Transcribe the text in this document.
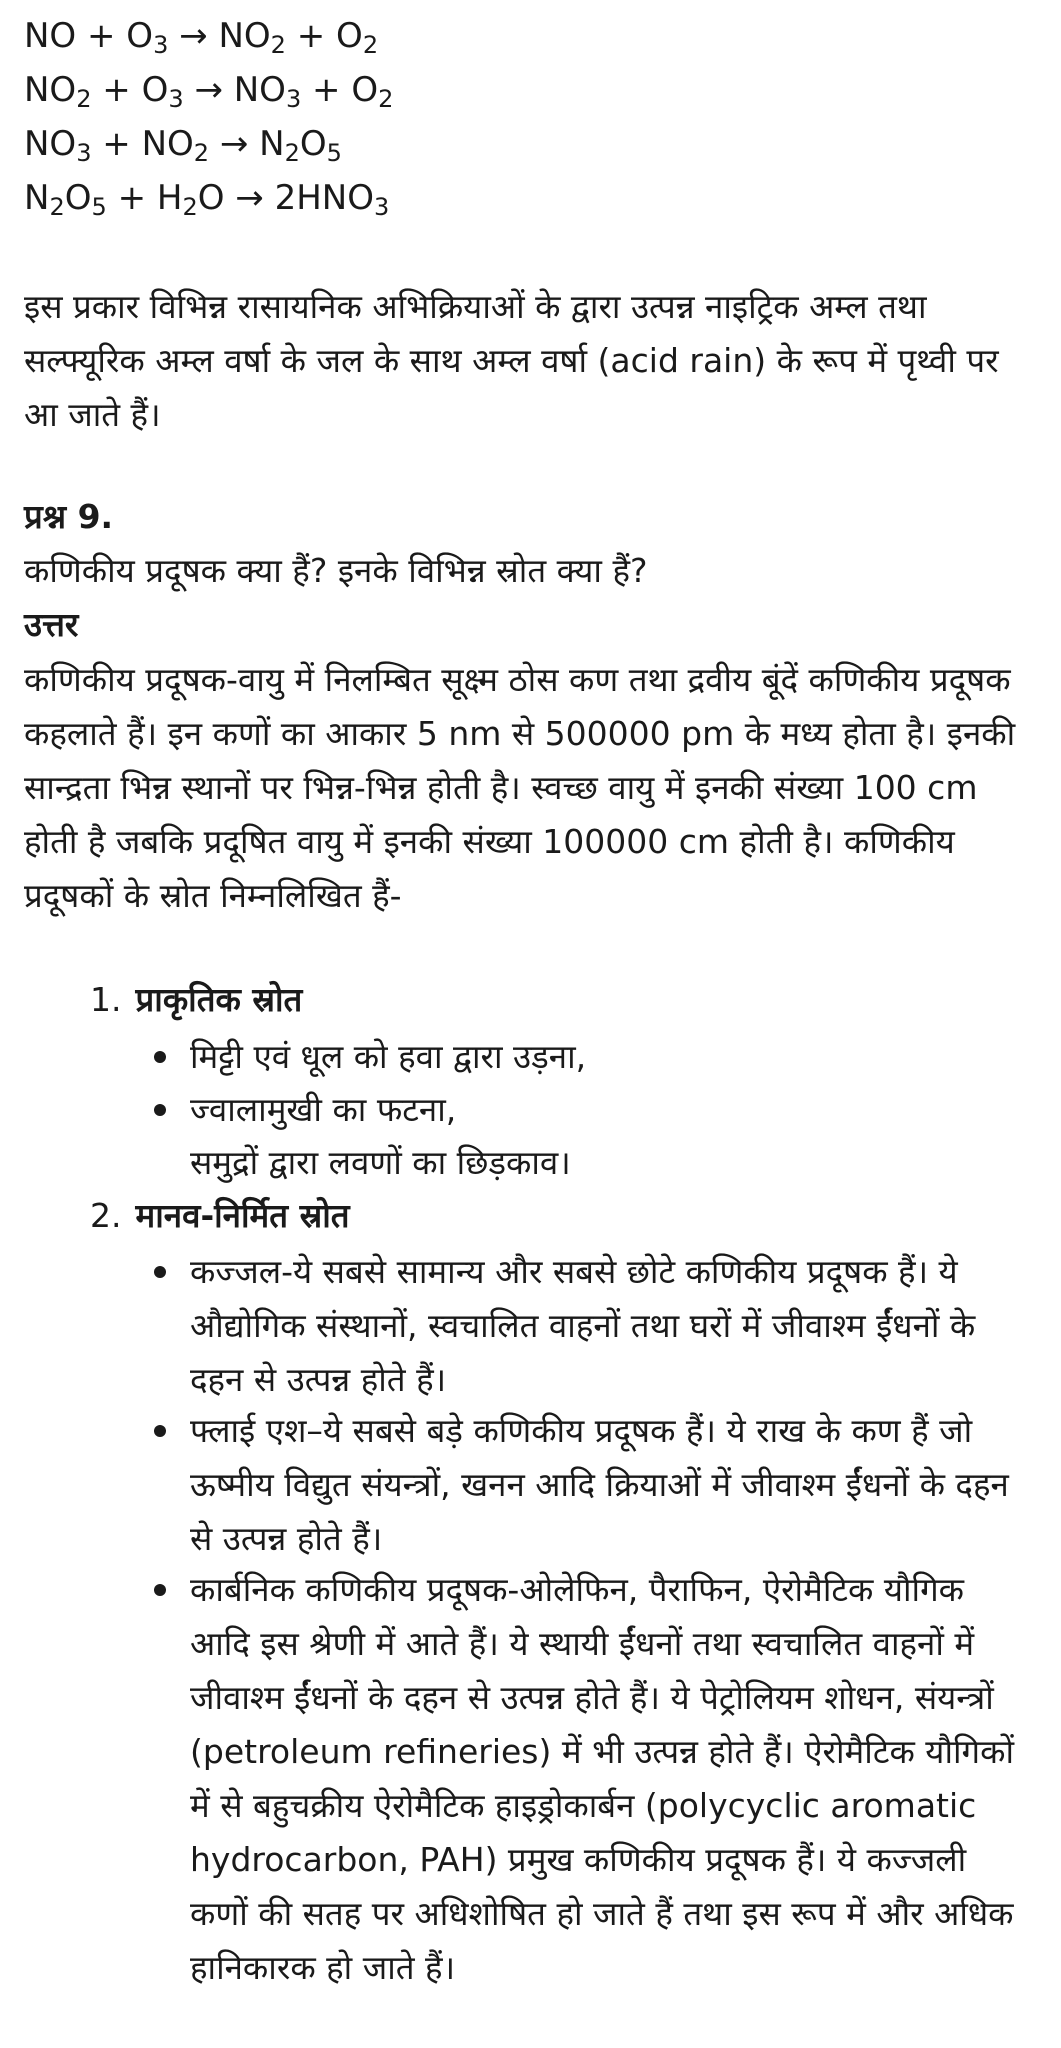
NO + $O_3 \to NO_2 + O_2$
$NO_2 + O_3 \to NO_3 + O_2$
$NO_3 + NO_2 \to N_2O_5$
$N_2O_5 + H_2O \to 2HNO_3$
इस प्रकार विभिन्न रासायनिक अभिक्रियाओं के द्वारा उत्पन्न नाइट्रिक अम्ल तथा सल्फ्यूरिक अम्ल वर्षा के जल के साथ अम्ल वर्षा (acid rain) के रूप में पृथ्वी पर आ जाते हैं।
प्रश्न 9.
कणिकीय प्रदूषक क्या हैं? इनके विभिन्न स्रोत क्या हैं?
उत्तर
कणिकीय प्रदूषक-वायु में निलम्बित सूक्ष्म ठोस कण तथा द्रवीय बूंदें कणिकीय प्रदूषक कहलाते हैं। इन कणों का आकार 5 nm से 500000 pm के मध्य होता है। इनकी सान्द्रता भिन्न स्थानों पर भिन्न-भिन्न होती है। स्वच्छ वायु में इनकी संख्या 100 cm होती है जबकि प्रदूषित वायु में इनकी संख्या 100000 cm होती है। कणिकीय प्रदूषकों के स्रोत निम्नलिखित हैं-
1. प्राकृतिक स्रोत
मिट्टी एवं धूल को हवा द्वारा उड़ना,
ज्वालामुखी का फटना,
समुद्रों द्वारा लवणों का छिड़काव।
2. मानव-निर्मित स्रोत
कज्जल-ये सबसे सामान्य और सबसे छोटे कणिकीय प्रदूषक हैं। ये औद्योगिक संस्थानों, स्वचालित वाहनों तथा घरों में जीवाश्म ईंधनों के दहन से उत्पन्न होते हैं।
फ्लाई एश–ये सबसे बड़े कणिकीय प्रदूषक हैं। ये राख के कण हैं जो ऊष्मीय विद्युत संयन्त्रों, खनन आदि क्रियाओं में जीवाश्म ईंधनों के दहन से उत्पन्न होते हैं।
कार्बनिक कणिकीय प्रदूषक-ओलेफिन, पैराफिन, ऐरोमैटिक यौगिक आदि इस श्रेणी में आते हैं। ये स्थायी ईंधनों तथा स्वचालित वाहनों में जीवाश्म ईंधनों के दहन से उत्पन्न होते हैं। ये पेट्रोलियम शोधन, संयन्त्रों (petroleum refineries) में भी उत्पन्न होते हैं। ऐरोमैटिक यौगिकों में से बहुचक्रीय ऐरोमैटिक हाइड्रोकार्बन (polycyclic aromatic hydrocarbon, PAH) प्रमुख कणिकीय प्रदूषक हैं। ये कज्जली कणों की सतह पर अधिशोषित हो जाते हैं तथा इस रूप में और अधिक हानिकारक हो जाते हैं।
